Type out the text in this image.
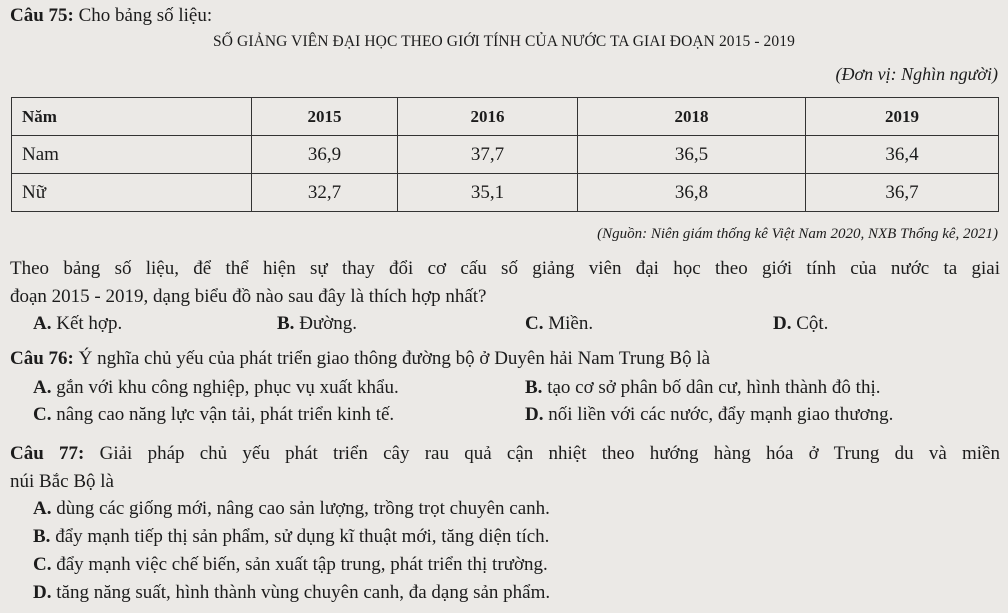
Câu 75: Cho bảng số liệu:
SỐ GIẢNG VIÊN ĐẠI HỌC THEO GIỚI TÍNH CỦA NƯỚC TA GIAI ĐOẠN 2015 - 2019
(Đơn vị: Nghìn người)
Năm	2015	2016	2018	2019
Nam	36,9	37,7	36,5	36,4
Nữ	32,7	35,1	36,8	36,7
(Nguồn: Niên giám thống kê Việt Nam 2020, NXB Thống kê, 2021)
Theo bảng số liệu, để thể hiện sự thay đổi cơ cấu số giảng viên đại học theo giới tính của nước ta giai
đoạn 2015 - 2019, dạng biểu đồ nào sau đây là thích hợp nhất?
A. Kết hợp.	B. Đường.	C. Miền.	D. Cột.
Câu 76: Ý nghĩa chủ yếu của phát triển giao thông đường bộ ở Duyên hải Nam Trung Bộ là
A. gắn với khu công nghiệp, phục vụ xuất khẩu.	B. tạo cơ sở phân bố dân cư, hình thành đô thị.
C. nâng cao năng lực vận tải, phát triển kinh tế.	D. nối liền với các nước, đẩy mạnh giao thương.
Câu 77: Giải pháp chủ yếu phát triển cây rau quả cận nhiệt theo hướng hàng hóa ở Trung du và miền
núi Bắc Bộ là
A. dùng các giống mới, nâng cao sản lượng, trồng trọt chuyên canh.
B. đẩy mạnh tiếp thị sản phẩm, sử dụng kĩ thuật mới, tăng diện tích.
C. đẩy mạnh việc chế biến, sản xuất tập trung, phát triển thị trường.
D. tăng năng suất, hình thành vùng chuyên canh, đa dạng sản phẩm.
